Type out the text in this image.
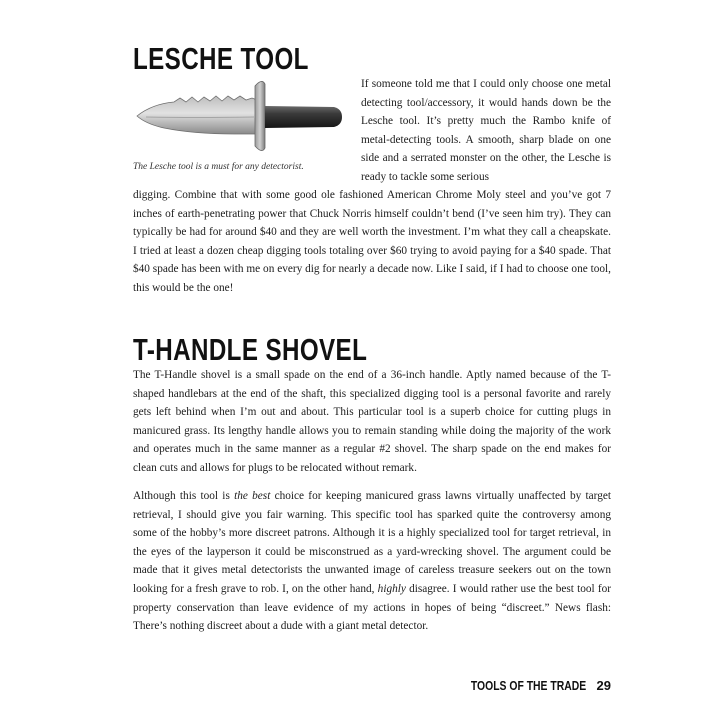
LESCHE TOOL

The Lesche tool is a must for any detectorist.

If someone told me that I could only choose one metal detecting tool/accessory, it would hands down be the Lesche tool. It’s pretty much the Rambo knife of metal-detecting tools. A smooth, sharp blade on one side and a serrated monster on the other, the Lesche is ready to tackle some serious

digging. Combine that with some good ole fashioned American Chrome Moly steel and you’ve got 7 inches of earth-penetrating power that Chuck Norris himself couldn’t bend (I’ve seen him try). They can typically be had for around $40 and they are well worth the investment. I’m what they call a cheapskate. I tried at least a dozen cheap digging tools totaling over $60 trying to avoid paying for a $40 spade. That $40 spade has been with me on every dig for nearly a decade now. Like I said, if I had to choose one tool, this would be the one!

T-HANDLE SHOVEL

The T-Handle shovel is a small spade on the end of a 36-inch handle. Aptly named because of the T-shaped handlebars at the end of the shaft, this specialized digging tool is a personal favorite and rarely gets left behind when I’m out and about. This particular tool is a superb choice for cutting plugs in manicured grass. Its lengthy handle allows you to remain standing while doing the majority of the work and operates much in the same manner as a regular #2 shovel. The sharp spade on the end makes for clean cuts and allows for plugs to be relocated without remark.

Although this tool is the best choice for keeping manicured grass lawns virtually unaffected by target retrieval, I should give you fair warning. This specific tool has sparked quite the controversy among some of the hobby’s more discreet patrons. Although it is a highly specialized tool for target retrieval, in the eyes of the layperson it could be misconstrued as a yard-wrecking shovel. The argument could be made that it gives metal detectorists the unwanted image of careless treasure seekers out on the town looking for a fresh grave to rob. I, on the other hand, highly disagree. I would rather use the best tool for property conservation than leave evidence of my actions in hopes of being “discreet.” News flash: There’s nothing discreet about a dude with a giant metal detector.

TOOLS OF THE TRADE 29
